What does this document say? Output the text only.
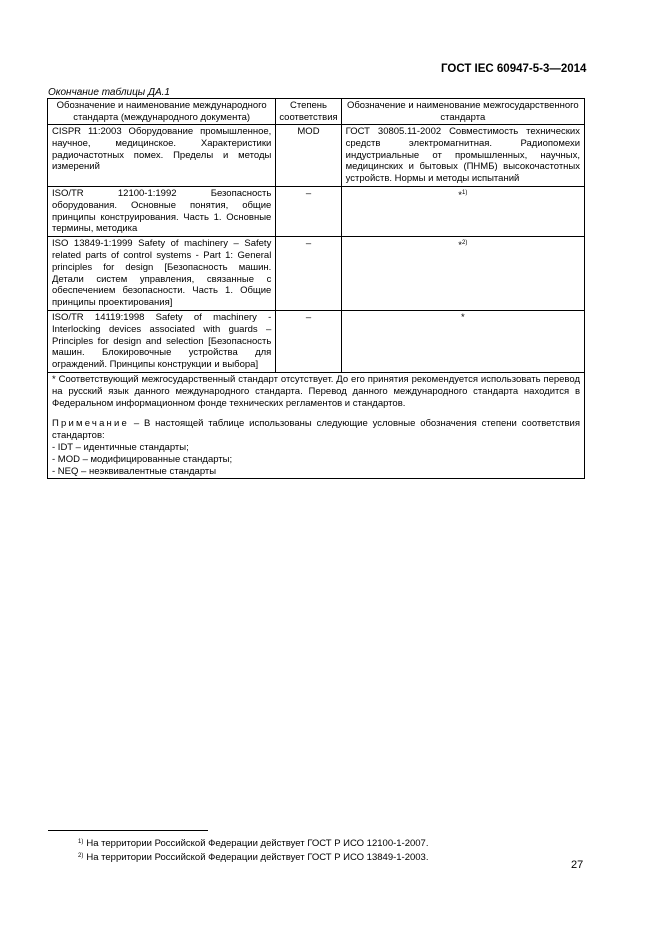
ГОСТ IEC 60947-5-3—2014
Окончание таблицы ДА.1
Обозначение и наименование международного стандарта (международного документа)	Степень соответствия	Обозначение и наименование межгосударственного стандарта
CISPR 11:2003 Оборудование промышленное, научное, медицинское. Характеристики радиочастотных помех. Пределы и методы измерений	MOD	ГОСТ 30805.11-2002 Совместимость технических средств электромагнитная. Радиопомехи индустриальные от промышленных, научных, медицинских и бытовых (ПНМБ) высокочастотных устройств. Нормы и методы испытаний
ISO/TR 12100-1:1992 Безопасность оборудования. Основные понятия, общие принципы конструирования. Часть 1. Основные термины, методика	–	*$^{1)}$
ISO 13849-1:1999 Safety of machinery – Safety related parts of control systems - Part 1: General principles for design [Безопасность машин. Детали систем управления, связанные с обеспечением безопасности. Часть 1. Общие принципы проектирования]	–	*$^{2)}$
ISO/TR 14119:1998 Safety of machinery - Interlocking devices associated with guards – Principles for design and selection [Безопасность машин. Блокировочные устройства для ограждений. Принципы конструкции и выбора]	–	*

* Соответствующий межгосударственный стандарт отсутствует. До его принятия рекомендуется использовать перевод на русский язык данного международного стандарта. Перевод данного международного стандарта находится в Федеральном информационном фонде технических регламентов и стандартов.
Примечание – В настоящей таблице использованы следующие условные обозначения степени соответствия стандартов:
- IDT – идентичные стандарты;
- MOD – модифицированные стандарты;
- NEQ – неэквивалентные стандарты		
$^{1)}$ На территории Российской Федерации действует ГОСТ Р ИСО 12100-1-2007.
$^{2)}$ На территории Российской Федерации действует ГОСТ Р ИСО 13849-1-2003.
27
